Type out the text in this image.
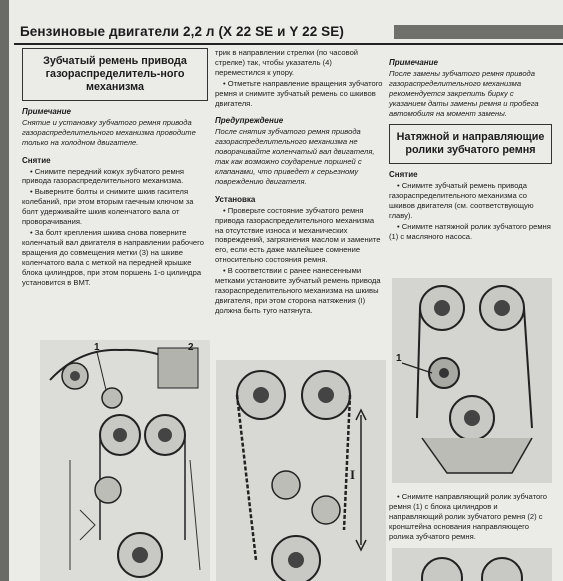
Бензиновые двигатели 2,2 л (X 22 SE и Y 22 SE)
Зубчатый ремень привода газораспределитель-ного механизма
Примечание

Снятие и установку зубчатого ремня привода газораспределительного механизма проводите только на холодном двигателе.

Снятие

• Снимите передний кожух зубчатого ремня привода газораспределительного механизма.

• Выверните болты и снимите шкив гасителя колебаний, при этом вторым гаечным ключом за болт удерживайте шкив коленчатого вала от проворачивания.

• За болт крепления шкива снова поверните коленчатый вал двигателя в направлении рабочего вращения до совмещения метки (3) на шкиве коленчатого вала с меткой на передней крышке блока цилиндров, при этом поршень 1-о цилиндра установится в ВМТ.

1	2

трик в направлении стрелки (по часовой стрелке) так, чтобы указатель (4) переместился к упору.

• Отметьте направление вращения зубчатого ремня и снимите зубчатый ремень со шкивов двигателя.

Предупреждение

После снятия зубчатого ремня привода газораспределительного механизма не поворачивайте коленчатый вал двигателя, так как возможно соударение поршней с клапанами, что приведет к серьезному повреждению двигателя.

Установка

• Проверьте состояние зубчатого ремня привода газораспределительного механизма на отсутствие износа и механических повреждений, загрязнения маслом и замените его, если есть даже малейшее сомнение относительно состояния ремня.

• В соответствии с ранее нанесенными метками установите зубчатый ремень привода газораспределительного механизма на шкивы двигателя, при этом сторона натяжения (I) должна быть туго натянута.

I
Примечание

После замены зубчатого ремня привода газораспределительного механизма рекомендуется закрепить бирку с указанием даты замены ремня и пробега автомобиля на момент замены.

Натяжной и направляющие ролики зубчатого ремня
Снятие

• Снимите зубчатый ремень привода газораспределительного механизма со шкивов двигателя (см. соответствующую главу).

• Снимите натяжной ролик зубчатого ремня (1) с масляного насоса.

1

• Снимите направляющий ролик зубчатого ремня (1) с блока цилиндров и направляющий ролик зубчатого ремня (2) с кронштейна основания направляющего ролика зубчатого ремня.
